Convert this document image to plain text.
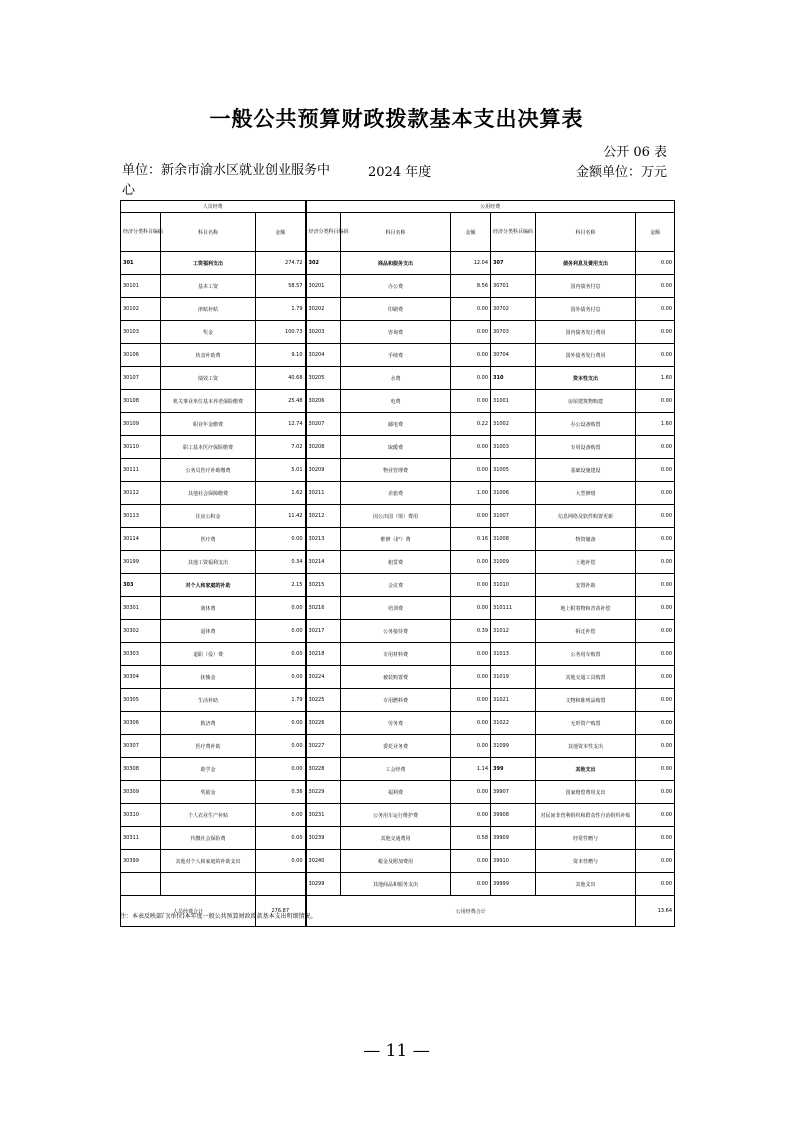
一般公共预算财政拨款基本支出决算表
公开 06 表
单位：新余市渝水区就业创业服务中心
2024 年度	金额单位：万元
人员经费			公用经费					
经济分类科目编码	科目名称	金额	经济分类科目编码	科目名称	金额	经济分类科目编码	科目名称	金额
301	工资福利支出	274.72	302	商品和服务支出	12.04	307	债务利息及费用支出	0.00
30101	基本工资	58.57	30201	办公费	8.56	30701	国内债务付息	0.00
30102	津贴补贴	1.79	30202	印刷费	0.00	30702	国外债务付息	0.00
30103	奖金	100.73	30203	咨询费	0.00	30703	国内债务发行费用	0.00
30106	伙食补助费	9.10	30204	手续费	0.00	30704	国外债务发行费用	0.00
30107	绩效工资	40.68	30205	水费	0.00	310	资本性支出	1.60
30108	机关事业单位基本养老保险缴费	25.48	30206	电费	0.00	31001	房屋建筑物购建	0.00
30109	职业年金缴费	12.74	30207	邮电费	0.22	31002	办公设备购置	1.60
30110	职工基本医疗保险缴费	7.02	30208	取暖费	0.00	31003	专用设备购置	0.00
30111	公务员医疗补助缴费	5.01	30209	物业管理费	0.00	31005	基础设施建设	0.00
30112	其他社会保障缴费	1.62	30211	差旅费	1.00	31006	大型修缮	0.00
30113	住房公积金	11.42	30212	因公出国（境）费用	0.00	31007	信息网络及软件购置更新	0.00
30114	医疗费	0.00	30213	维修（护）费	0.16	31008	物资储备	0.00
30199	其他工资福利支出	0.34	30214	租赁费	0.00	31009	土地补偿	0.00
303	对个人和家庭的补助	2.15	30215	会议费	0.00	31010	安置补助	0.00
30301	离休费	0.00	30216	培训费	0.00	310111	地上附着物和青苗补偿	0.00
30302	退休费	0.00	30217	公务接待费	0.39	31012	拆迁补偿	0.00
30303	退职（役）费	0.00	30218	专用材料费	0.00	31013	公务用车购置	0.00
30304	抚恤金	0.00	30224	被装购置费	0.00	31019	其他交通工具购置	0.00
30305	生活补助	1.79	30225	专用燃料费	0.00	31021	文物和陈列品购置	0.00
30306	救济费	0.00	30226	劳务费	0.00	31022	无形资产购置	0.00
30307	医疗费补助	0.00	30227	委托业务费	0.00	31099	其他资本性支出	0.00
30308	助学金	0.00	30228	工会经费	1.14	399	其他支出	0.00
30309	奖励金	0.36	30229	福利费	0.00	39907	国家赔偿费用支出	0.00
30310	个人农业生产补贴	0.00	30231	公务用车运行维护费	0.00	39908	对民间非营利组织和群众性自治组织补贴	0.00
30311	代缴社会保险费	0.00	30239	其他交通费用	0.58	39909	经常性赠与	0.00
30399	其他对个人和家庭的补助支出	0.00	30240	税金及附加费用	0.00	39910	资本性赠与	0.00
			30299	其他商品和服务支出	0.00	39999	其他支出	0.00
人员经费合计		276.87	公用经费合计					13.64
注：本表反映部门(单位)本年度一般公共预算财政拨款基本支出明细情况。
— 11 —
